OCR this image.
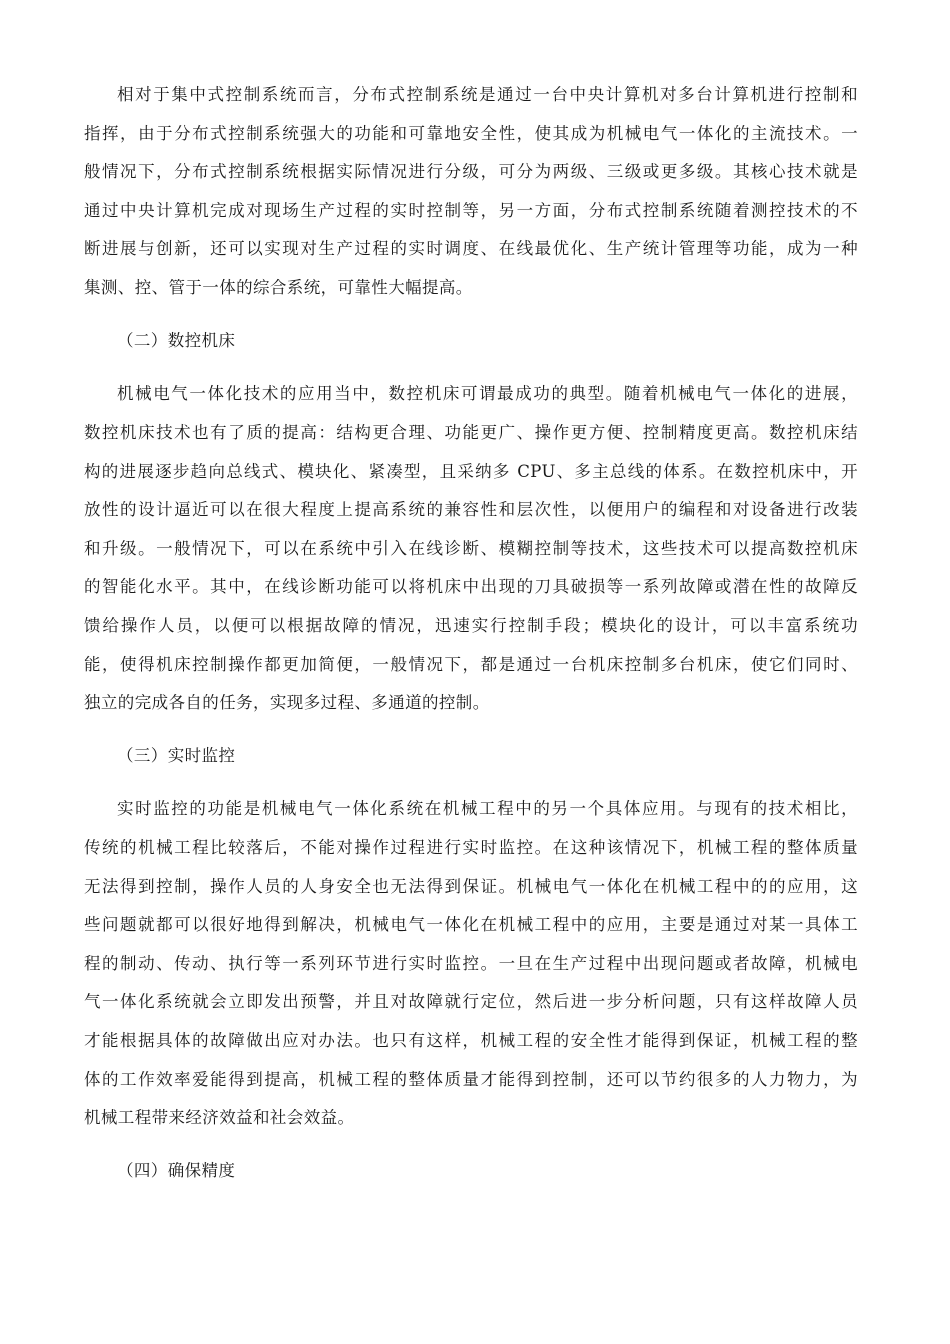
相对于集中式控制系统而言，分布式控制系统是通过一台中央计算机对多台计算机进行控制和
指挥，由于分布式控制系统强大的功能和可靠地安全性，使其成为机械电气一体化的主流技术。一
般情况下，分布式控制系统根据实际情况进行分级，可分为两级、三级或更多级。其核心技术就是
通过中央计算机完成对现场生产过程的实时控制等，另一方面，分布式控制系统随着测控技术的不
断进展与创新，还可以实现对生产过程的实时调度、在线最优化、生产统计管理等功能，成为一种
集测、控、管于一体的综合系统，可靠性大幅提高。
（二）数控机床
机械电气一体化技术的应用当中，数控机床可谓最成功的典型。随着机械电气一体化的进展，
数控机床技术也有了质的提高：结构更合理、功能更广、操作更方便、控制精度更高。数控机床结
构的进展逐步趋向总线式、模块化、紧凑型，且采纳多 CPU、多主总线的体系。在数控机床中，开
放性的设计逼近可以在很大程度上提高系统的兼容性和层次性，以便用户的编程和对设备进行改装
和升级。一般情况下，可以在系统中引入在线诊断、模糊控制等技术，这些技术可以提高数控机床
的智能化水平。其中，在线诊断功能可以将机床中出现的刀具破损等一系列故障或潜在性的故障反
馈给操作人员，以便可以根据故障的情况，迅速实行控制手段；模块化的设计，可以丰富系统功
能，使得机床控制操作都更加简便，一般情况下，都是通过一台机床控制多台机床，使它们同时、
独立的完成各自的任务，实现多过程、多通道的控制。
（三）实时监控
实时监控的功能是机械电气一体化系统在机械工程中的另一个具体应用。与现有的技术相比，
传统的机械工程比较落后，不能对操作过程进行实时监控。在这种该情况下，机械工程的整体质量
无法得到控制，操作人员的人身安全也无法得到保证。机械电气一体化在机械工程中的的应用，这
些问题就都可以很好地得到解决，机械电气一体化在机械工程中的应用，主要是通过对某一具体工
程的制动、传动、执行等一系列环节进行实时监控。一旦在生产过程中出现问题或者故障，机械电
气一体化系统就会立即发出预警，并且对故障就行定位，然后进一步分析问题，只有这样故障人员
才能根据具体的故障做出应对办法。也只有这样，机械工程的安全性才能得到保证，机械工程的整
体的工作效率爱能得到提高，机械工程的整体质量才能得到控制，还可以节约很多的人力物力，为
机械工程带来经济效益和社会效益。
（四）确保精度
